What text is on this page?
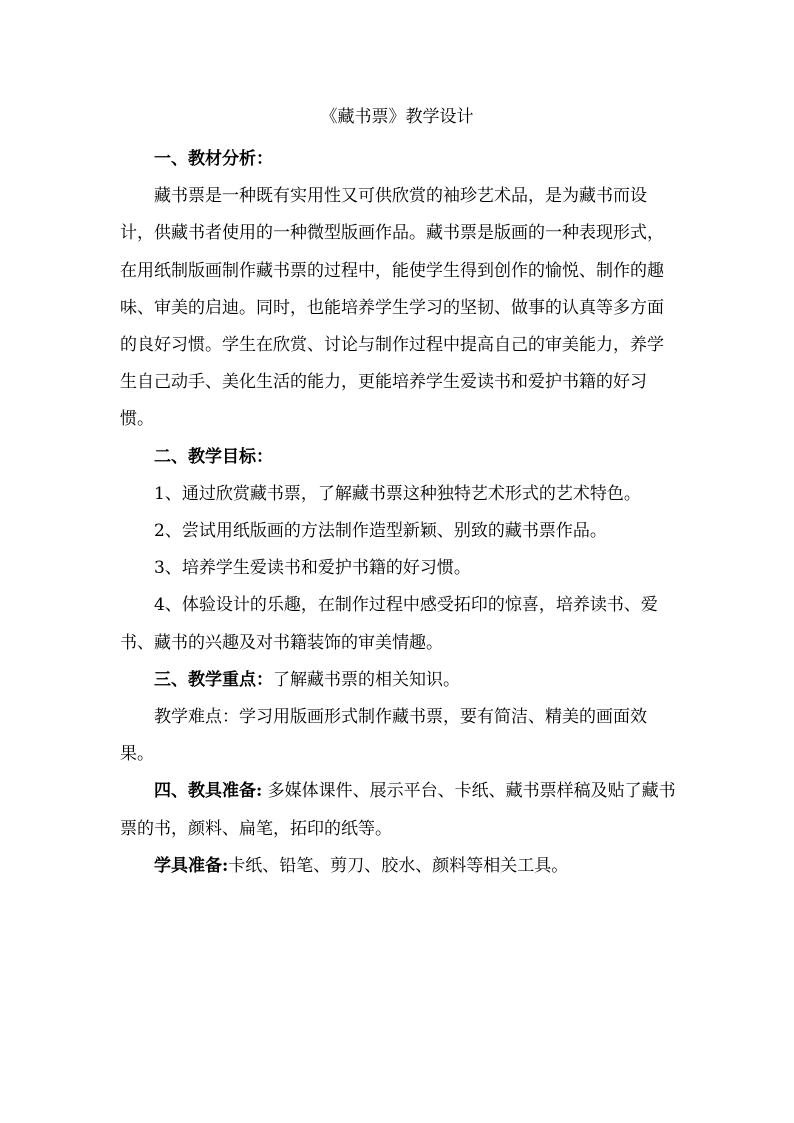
《藏书票》教学设计

一、教材分析：

藏书票是一种既有实用性又可供欣赏的袖珍艺术品，是为藏书而设计，供藏书者使用的一种微型版画作品。藏书票是版画的一种表现形式，在用纸制版画制作藏书票的过程中，能使学生得到创作的愉悦、制作的趣味、审美的启迪。同时，也能培养学生学习的坚韧、做事的认真等多方面的良好习惯。学生在欣赏、讨论与制作过程中提高自己的审美能力，养学生自己动手、美化生活的能力，更能培养学生爱读书和爱护书籍的好习惯。

二、教学目标：

1、通过欣赏藏书票，了解藏书票这种独特艺术形式的艺术特色。

2、尝试用纸版画的方法制作造型新颖、别致的藏书票作品。

3、培养学生爱读书和爱护书籍的好习惯。

4、体验设计的乐趣，在制作过程中感受拓印的惊喜，培养读书、爱书、藏书的兴趣及对书籍装饰的审美情趣。

三、教学重点：了解藏书票的相关知识。

教学难点：学习用版画形式制作藏书票，要有简洁、精美的画面效果。

四、教具准备: 多媒体课件、展示平台、卡纸、藏书票样稿及贴了藏书票的书，颜料、扁笔，拓印的纸等。

学具准备:卡纸、铅笔、剪刀、胶水、颜料等相关工具。
